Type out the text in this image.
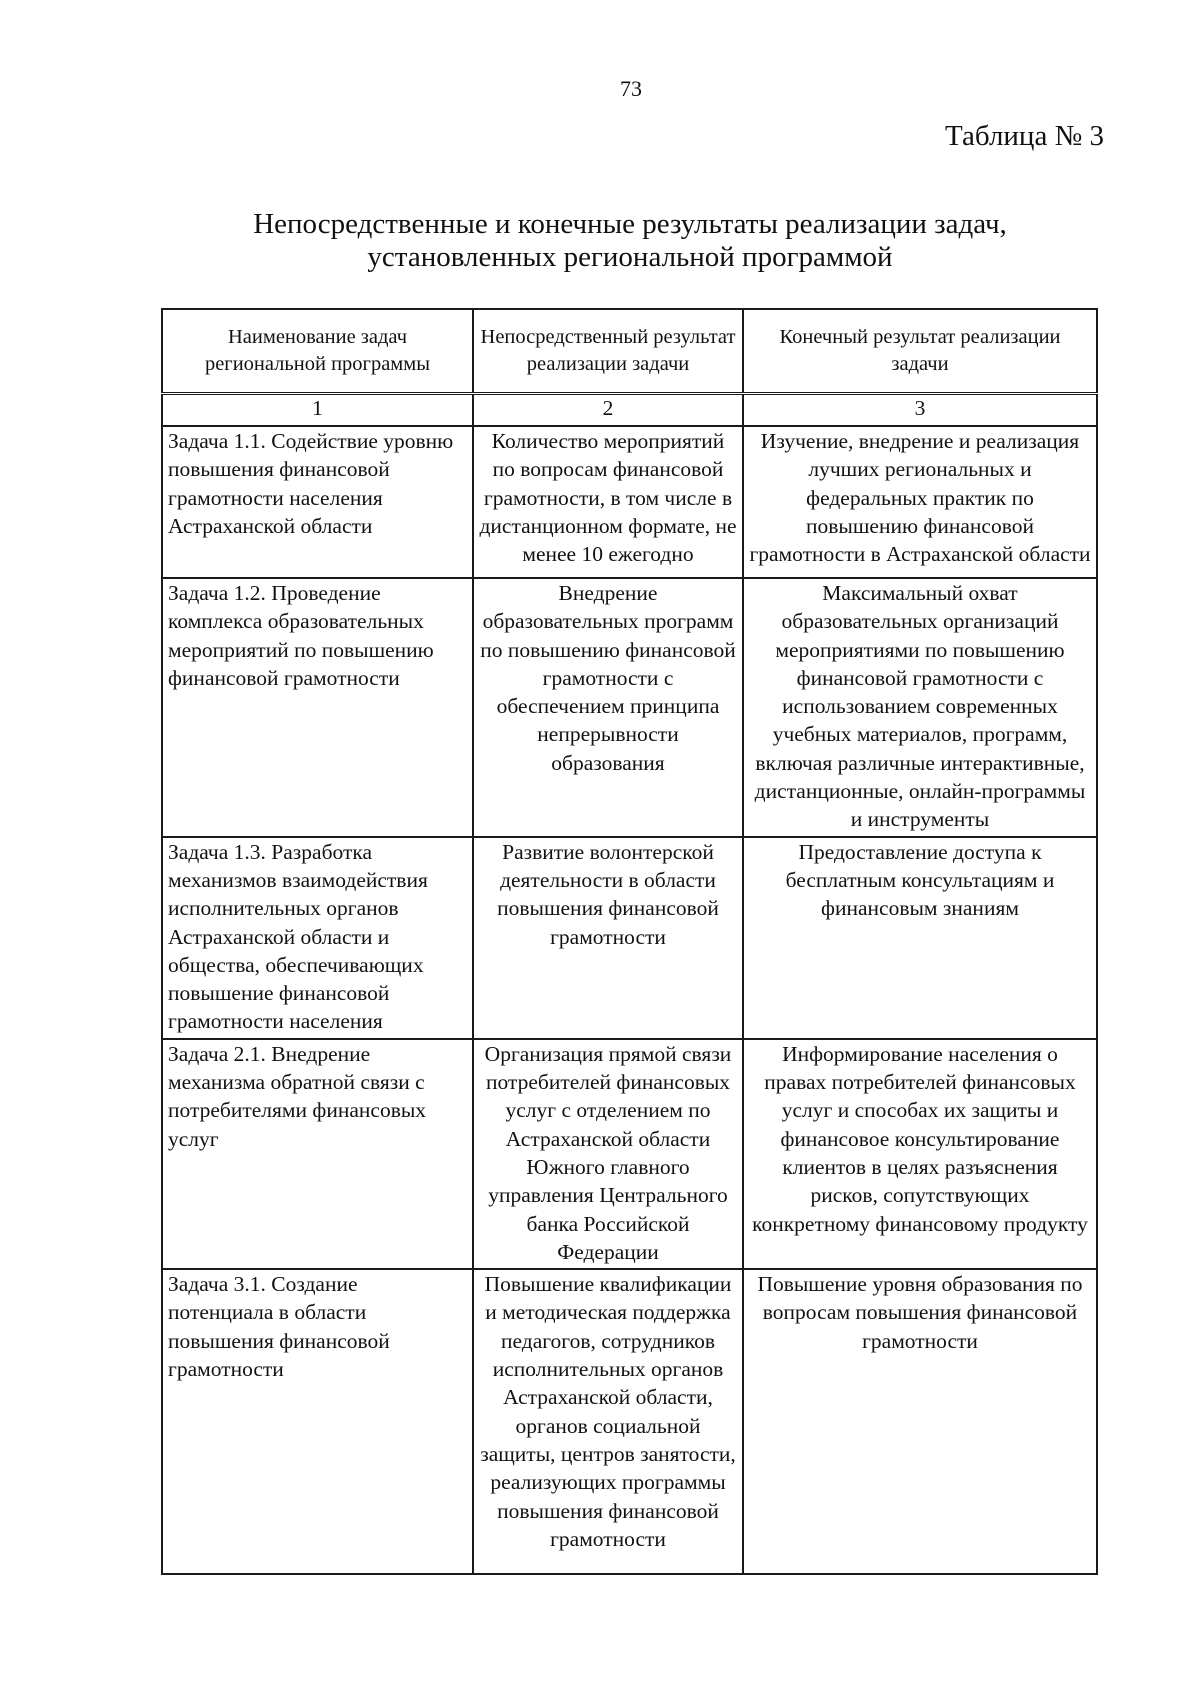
73
Таблица № 3
Непосредственные и конечные результаты реализации задач,
установленных региональной программой
Наименование задач региональной программы	Непосредственный результат реализации задачи	Конечный результат реализации задачи
1	2	3
Задача 1.1. Содействие уровню повышения финансовой грамотности населения Астраханской области	Количество мероприятий по вопросам финансовой грамотности, в том числе в дистанционном формате, не менее 10 ежегодно	Изучение, внедрение и реализация лучших региональных и федеральных практик по повышению финансовой грамотности в Астраханской области
Задача 1.2. Проведение комплекса образовательных мероприятий по повышению финансовой грамотности	Внедрение образовательных программ по повышению финансовой грамотности с обеспечением принципа непрерывности образования	Максимальный охват образовательных организаций мероприятиями по повышению финансовой грамотности с использованием современных учебных материалов, программ, включая различные интерактивные, дистанционные, онлайн-программы и инструменты
Задача 1.3. Разработка механизмов взаимодействия исполнительных органов Астраханской области и общества, обеспечивающих повышение финансовой грамотности населения	Развитие волонтерской деятельности в области повышения финансовой грамотности	Предоставление доступа к бесплатным консультациям и финансовым знаниям
Задача 2.1. Внедрение механизма обратной связи с потребителями финансовых услуг	Организация прямой связи потребителей финансовых услуг с отделением по Астраханской области Южного главного управления Центрального банка Российской Федерации	Информирование населения о правах потребителей финансовых услуг и способах их защиты и финансовое консультирование клиентов в целях разъяснения рисков, сопутствующих конкретному финансовому продукту
Задача 3.1. Создание потенциала в области повышения финансовой грамотности	Повышение квалификации и методическая поддержка педагогов, сотрудников исполнительных органов Астраханской области, органов социальной защиты, центров занятости, реализующих программы повышения финансовой грамотности	Повышение уровня образования по вопросам повышения финансовой грамотности
